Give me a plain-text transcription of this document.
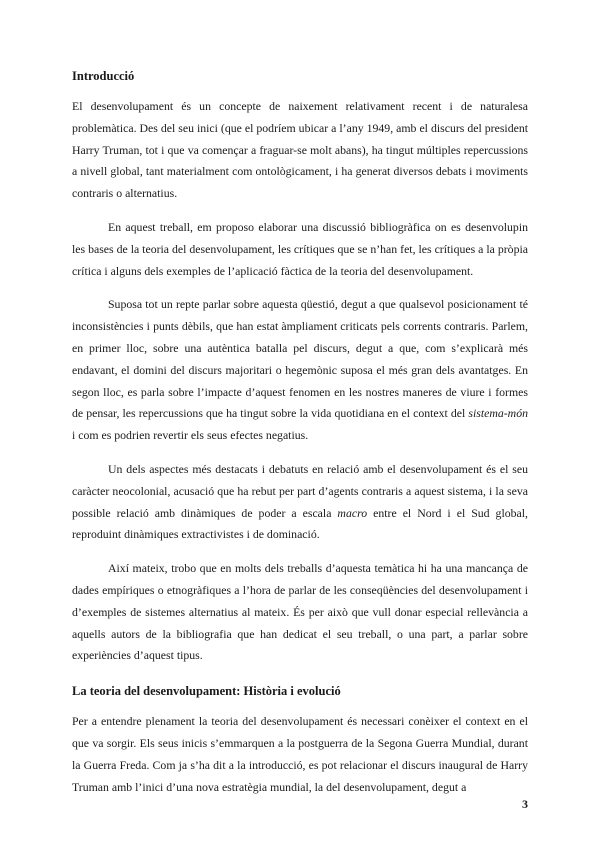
Introducció

El desenvolupament és un concepte de naixement relativament recent i de naturalesa problemàtica. Des del seu inici (que el podríem ubicar a l’any 1949, amb el discurs del president Harry Truman, tot i que va començar a fraguar-se molt abans), ha tingut múltiples repercussions a nivell global, tant materialment com ontològicament, i ha generat diversos debats i moviments contraris o alternatius.

En aquest treball, em proposo elaborar una discussió bibliogràfica on es desenvolupin les bases de la teoria del desenvolupament, les crítiques que se n’han fet, les crítiques a la pròpia crítica i alguns dels exemples de l’aplicació fàctica de la teoria del desenvolupament.

Suposa tot un repte parlar sobre aquesta qüestió, degut a que qualsevol posicionament té inconsistències i punts dèbils, que han estat àmpliament criticats pels corrents contraris. Parlem, en primer lloc, sobre una autèntica batalla pel discurs, degut a que, com s’explicarà més endavant, el domini del discurs majoritari o hegemònic suposa el més gran dels avantatges. En segon lloc, es parla sobre l’impacte d’aquest fenomen en les nostres maneres de viure i formes de pensar, les repercussions que ha tingut sobre la vida quotidiana en el context del sistema-món i com es podrien revertir els seus efectes negatius.

Un dels aspectes més destacats i debatuts en relació amb el desenvolupament és el seu caràcter neocolonial, acusació que ha rebut per part d’agents contraris a aquest sistema, i la seva possible relació amb dinàmiques de poder a escala macro entre el Nord i el Sud global, reproduint dinàmiques extractivistes i de dominació.

Així mateix, trobo que en molts dels treballs d’aquesta temàtica hi ha una mancança de dades empíriques o etnogràfiques a l’hora de parlar de les conseqüències del desenvolupament i d’exemples de sistemes alternatius al mateix. És per això que vull donar especial rellevància a aquells autors de la bibliografia que han dedicat el seu treball, o una part, a parlar sobre experiències d’aquest tipus.

La teoria del desenvolupament: Història i evolució

Per a entendre plenament la teoria del desenvolupament és necessari conèixer el context en el que va sorgir. Els seus inicis s’emmarquen a la postguerra de la Segona Guerra Mundial, durant la Guerra Freda. Com ja s’ha dit a la introducció, es pot relacionar el discurs inaugural de Harry Truman amb l’inici d’una nova estratègia mundial, la del desenvolupament, degut a

3
